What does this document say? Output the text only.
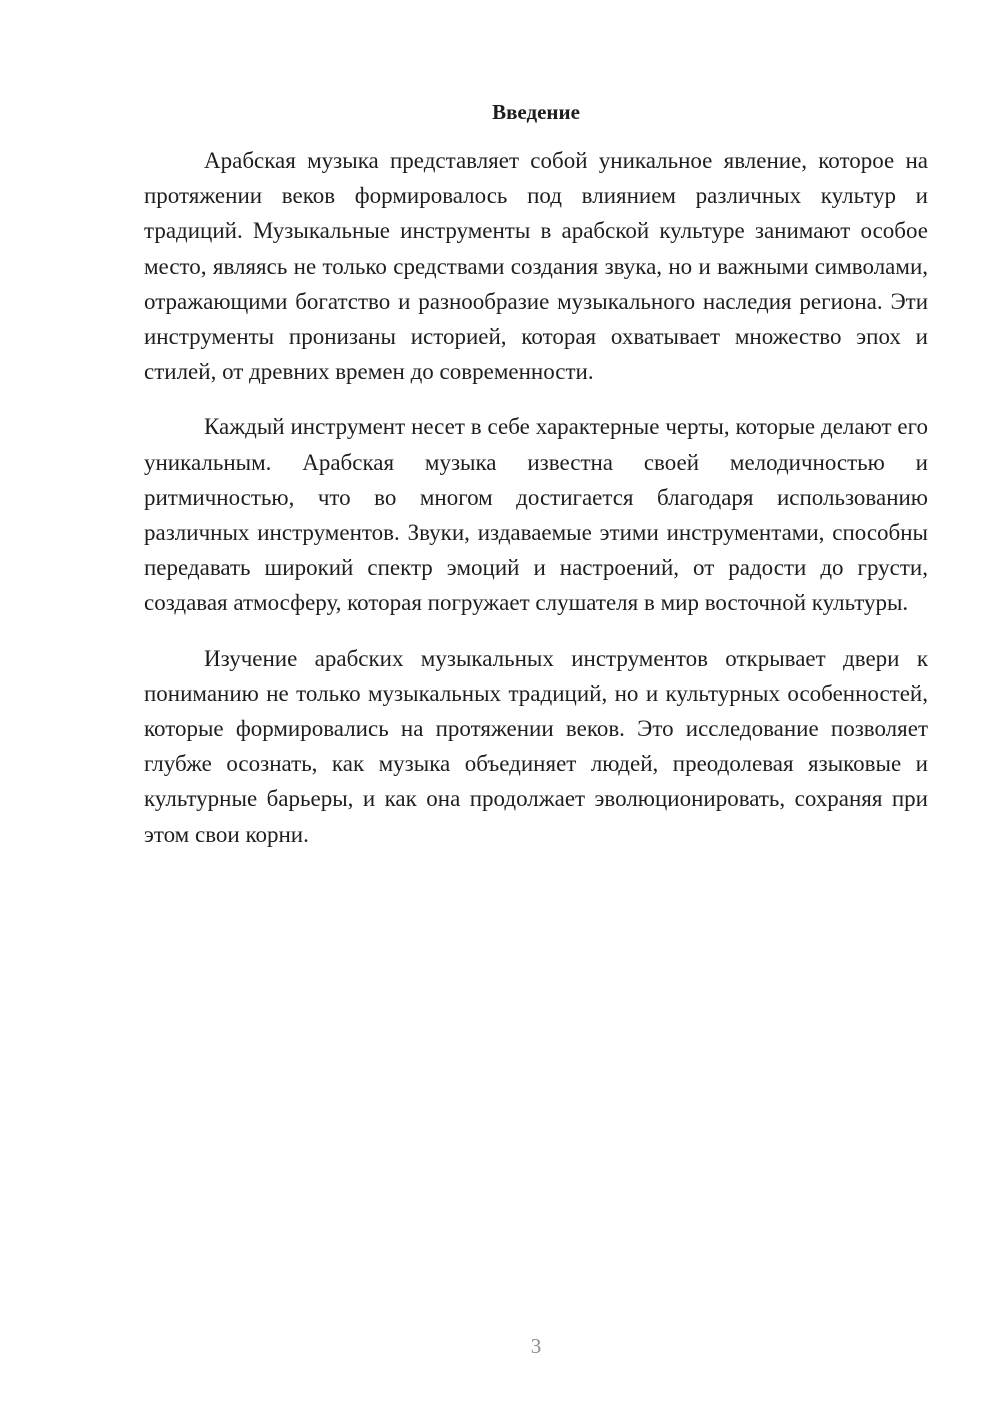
Введение

Арабская музыка представляет собой уникальное явление, которое на протяжении веков формировалось под влиянием различных культур и традиций. Музыкальные инструменты в арабской культуре занимают особое место, являясь не только средствами создания звука, но и важными символами, отражающими богатство и разнообразие музыкального наследия региона. Эти инструменты пронизаны историей, которая охватывает множество эпох и стилей, от древних времен до современности.

Каждый инструмент несет в себе характерные черты, которые делают его уникальным. Арабская музыка известна своей мелодичностью и ритмичностью, что во многом достигается благодаря использованию различных инструментов. Звуки, издаваемые этими инструментами, способны передавать широкий спектр эмоций и настроений, от радости до грусти, создавая атмосферу, которая погружает слушателя в мир восточной культуры.

Изучение арабских музыкальных инструментов открывает двери к пониманию не только музыкальных традиций, но и культурных особенностей, которые формировались на протяжении веков. Это исследование позволяет глубже осознать, как музыка объединяет людей, преодолевая языковые и культурные барьеры, и как она продолжает эволюционировать, сохраняя при этом свои корни.

3
